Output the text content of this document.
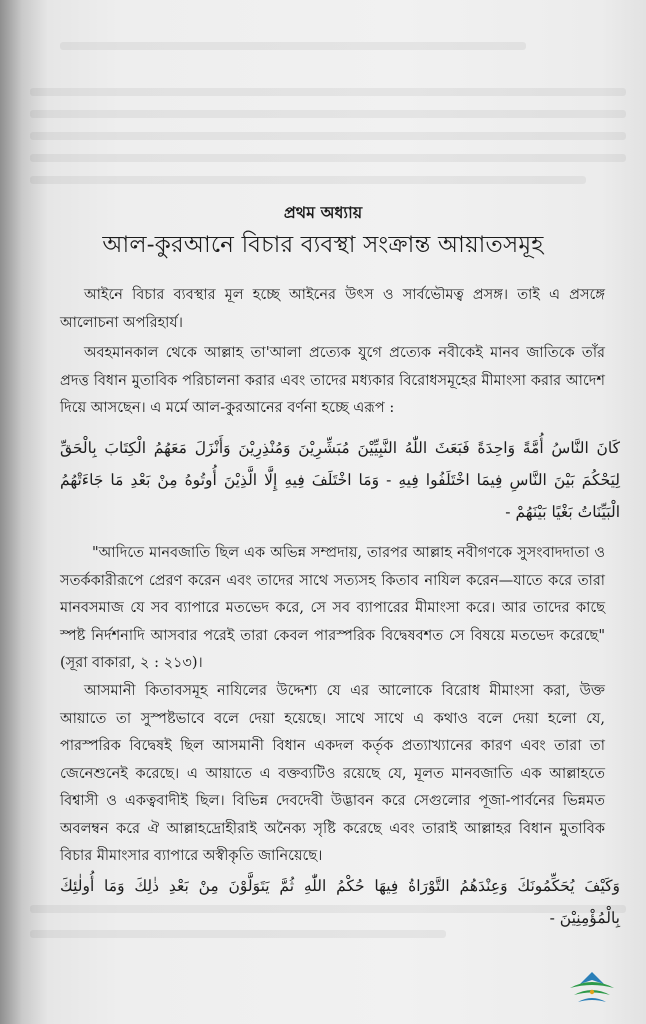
প্রথম অধ্যায়
আল-কুরআনে বিচার ব্যবস্থা সংক্রান্ত আয়াতসমূহ

আইনে বিচার ব্যবস্থার মূল হচ্ছে আইনের উৎস ও সার্বভৌমত্ব প্রসঙ্গ। তাই এ প্রসঙ্গে আলোচনা অপরিহার্য।

অবহমানকাল থেকে আল্লাহ তা'আলা প্রত্যেক যুগে প্রত্যেক নবীকেই মানব জাতিকে তাঁর প্রদত্ত বিধান মুতাবিক পরিচালনা করার এবং তাদের মধ্যকার বিরোধসমূহের মীমাংসা করার আদেশ দিয়ে আসছেন। এ মর্মে আল-কুরআনের বর্ণনা হচ্ছে এরূপ :

كَانَ النَّاسُ أُمَّةً وَاحِدَةً فَبَعَثَ اللّٰهُ النَّبِيِّيْنَ مُبَشِّرِيْنَ وَمُنْذِرِيْنَ وَأَنْزَلَ مَعَهُمُ الْكِتَابَ بِالْحَقِّ لِيَحْكُمَ بَيْنَ النَّاسِ فِيمَا اخْتَلَفُوا فِيهِ - وَمَا اخْتَلَفَ فِيهِ إِلَّا الَّذِيْنَ أُوتُوهُ مِنْ بَعْدِ مَا جَاءَتْهُمُ الْبَيِّنَاتُ بَغْيًا بَيْنَهُمْ -

"আদিতে মানবজাতি ছিল এক অভিন্ন সম্প্রদায়, তারপর আল্লাহ নবীগণকে সুসংবাদদাতা ও সতর্ককারীরূপে প্রেরণ করেন এবং তাদের সাথে সত্যসহ কিতাব নাযিল করেন—যাতে করে তারা মানবসমাজ যে সব ব্যাপারে মতভেদ করে, সে সব ব্যাপারের মীমাংসা করে। আর তাদের কাছে স্পষ্ট নির্দশনাদি আসবার পরেই তারা কেবল পারস্পরিক বিদ্বেষবশত সে বিষয়ে মতভেদ করেছে" (সূরা বাকারা, ২ : ২১৩)।

আসমানী কিতাবসমূহ নাযিলের উদ্দেশ্য যে এর আলোকে বিরোধ মীমাংসা করা, উক্ত আয়াতে তা সুস্পষ্টভাবে বলে দেয়া হয়েছে। সাথে সাথে এ কথাও বলে দেয়া হলো যে, পারস্পরিক বিদ্বেষই ছিল আসমানী বিধান একদল কর্তৃক প্রত্যাখ্যানের কারণ এবং তারা তা জেনেশুনেই করেছে। এ আয়াতে এ বক্তব্যটিও রয়েছে যে, মূলত মানবজাতি এক আল্লাহতে বিশ্বাসী ও একত্ববাদীই ছিল। বিভিন্ন দেবদেবী উদ্ভাবন করে সেগুলোর পূজা-পার্বনের ভিন্নমত অবলম্বন করে ঐ আল্লাহদ্রোহীরাই অনৈক্য সৃষ্টি করেছে এবং তারাই আল্লাহর বিধান মুতাবিক বিচার মীমাংসার ব্যাপারে অস্বীকৃতি জানিয়েছে।

وَكَيْفَ يُحَكِّمُونَكَ وَعِنْدَهُمُ التَّوْرَاةُ فِيهَا حُكْمُ اللّٰهِ ثُمَّ يَتَوَلَّوْنَ مِنْ بَعْدِ ذٰلِكَ وَمَا أُولٰئِكَ بِالْمُؤْمِنِيْنَ -
